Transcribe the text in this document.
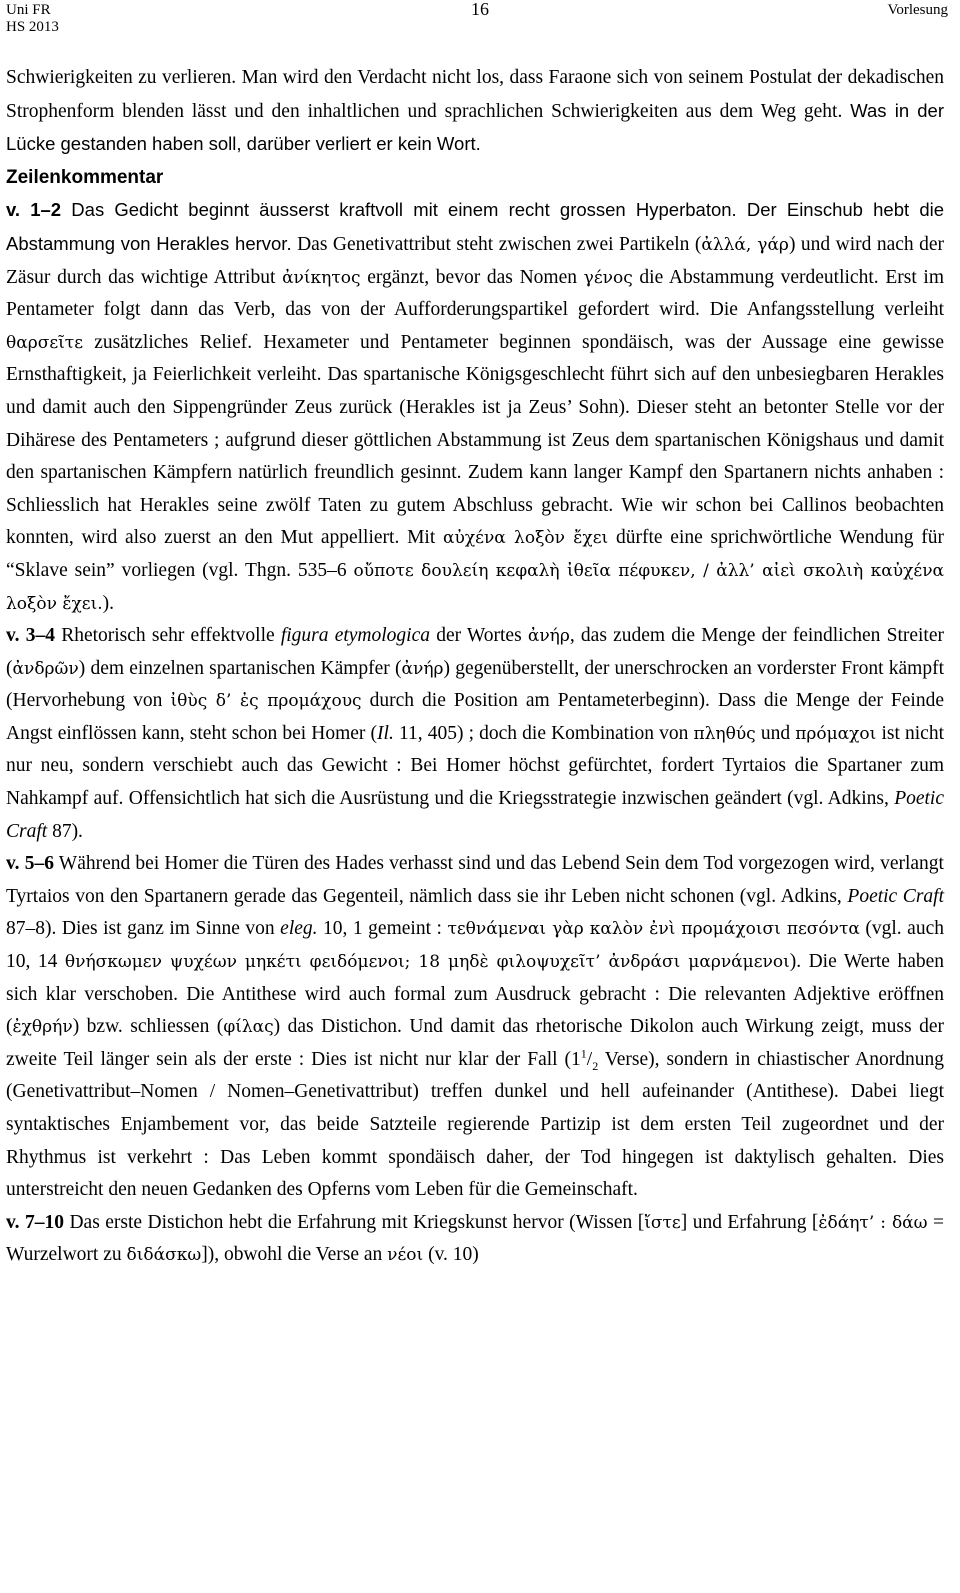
Uni FR
HS 2013
16	Vorlesung

Schwierigkeiten zu verlieren. Man wird den Verdacht nicht los, dass Faraone sich von seinem Postulat der dekadischen Strophenform blenden lässt und den inhaltlichen und sprachlichen Schwierigkeiten aus dem Weg geht. Was in der Lücke gestanden haben soll, darüber verliert er kein Wort.

Zeilenkommentar

v. 1–2 Das Gedicht beginnt äusserst kraftvoll mit einem recht grossen Hyperbaton. Der Einschub hebt die Abstammung von Herakles hervor. Das Genetivattribut steht zwischen zwei Partikeln (ἀλλά, γάρ) und wird nach der Zäsur durch das wichtige Attribut ἀνίκητος ergänzt, bevor das Nomen γένος die Abstammung verdeutlicht. Erst im Pentameter folgt dann das Verb, das von der Aufforderungspartikel gefordert wird. Die Anfangsstellung verleiht θαρσεῖτε zusätzliches Relief. Hexameter und Pentameter beginnen spondäisch, was der Aussage eine gewisse Ernsthaftigkeit, ja Feierlichkeit verleiht. Das spartanische Königsgeschlecht führt sich auf den unbesiegbaren Herakles und damit auch den Sippengründer Zeus zurück (Herakles ist ja Zeus’ Sohn). Dieser steht an betonter Stelle vor der Dihärese des Pentameters ; aufgrund dieser göttlichen Abstammung ist Zeus dem spartanischen Königshaus und damit den spartanischen Kämpfern natürlich freundlich gesinnt. Zudem kann langer Kampf den Spartanern nichts anhaben : Schliesslich hat Herakles seine zwölf Taten zu gutem Abschluss gebracht. Wie wir schon bei Callinos beobachten konnten, wird also zuerst an den Mut appelliert. Mit αὐχένα λοξὸν ἔχει dürfte eine sprichwörtliche Wendung für “Sklave sein” vorliegen (vgl. Thgn. 535–6 οὔποτε δουλείη κεφαλὴ ἰθεῖα πέφυκεν, / ἀλλ’ αἰεὶ σκολιὴ καὐχένα λοξὸν ἔχει.).

v. 3–4 Rhetorisch sehr effektvolle figura etymologica der Wortes ἀνήρ, das zudem die Menge der feindlichen Streiter (ἀνδρῶν) dem einzelnen spartanischen Kämpfer (ἀνήρ) gegenüberstellt, der unerschrocken an vorderster Front kämpft (Hervorhebung von ἰθὺς δ’ ἐς προμάχους durch die Position am Pentameterbeginn). Dass die Menge der Feinde Angst einflössen kann, steht schon bei Homer (Il. 11, 405) ; doch die Kombination von πληθύς und πρόμαχοι ist nicht nur neu, sondern verschiebt auch das Gewicht : Bei Homer höchst gefürchtet, fordert Tyrtaios die Spartaner zum Nahkampf auf. Offensichtlich hat sich die Ausrüstung und die Kriegsstrategie inzwischen geändert (vgl. Adkins, Poetic Craft 87).

v. 5–6 Während bei Homer die Türen des Hades verhasst sind und das Lebend Sein dem Tod vorgezogen wird, verlangt Tyrtaios von den Spartanern gerade das Gegenteil, nämlich dass sie ihr Leben nicht schonen (vgl. Adkins, Poetic Craft 87–8). Dies ist ganz im Sinne von eleg. 10, 1 gemeint : τεθνάμεναι γὰρ καλὸν ἐνὶ προμάχοισι πεσόντα (vgl. auch 10, 14 θνήσκωμεν ψυχέων μηκέτι φειδόμενοι; 18 μηδὲ φιλοψυχεῖτ’ ἀνδράσι μαρνάμενοι). Die Werte haben sich klar verschoben. Die Antithese wird auch formal zum Ausdruck gebracht : Die relevanten Adjektive eröffnen (ἐχθρήν) bzw. schliessen (φίλας) das Distichon. Und damit das rhetorische Dikolon auch Wirkung zeigt, muss der zweite Teil länger sein als der erste : Dies ist nicht nur klar der Fall ($1^1/_2$ Verse), sondern in chiastischer Anordnung (Genetivattribut–Nomen / Nomen–Genetivattribut) treffen dunkel und hell aufeinander (Antithese). Dabei liegt syntaktisches Enjambement vor, das beide Satzteile regierende Partizip ist dem ersten Teil zugeordnet und der Rhythmus ist verkehrt : Das Leben kommt spondäisch daher, der Tod hingegen ist daktylisch gehalten. Dies unterstreicht den neuen Gedanken des Opferns vom Leben für die Gemeinschaft.

v. 7–10 Das erste Distichon hebt die Erfahrung mit Kriegskunst hervor (Wissen [ἴστε] und Erfahrung [ἐδάητ’ : δάω = Wurzelwort zu διδάσκω]), obwohl die Verse an νέοι (v. 10)
